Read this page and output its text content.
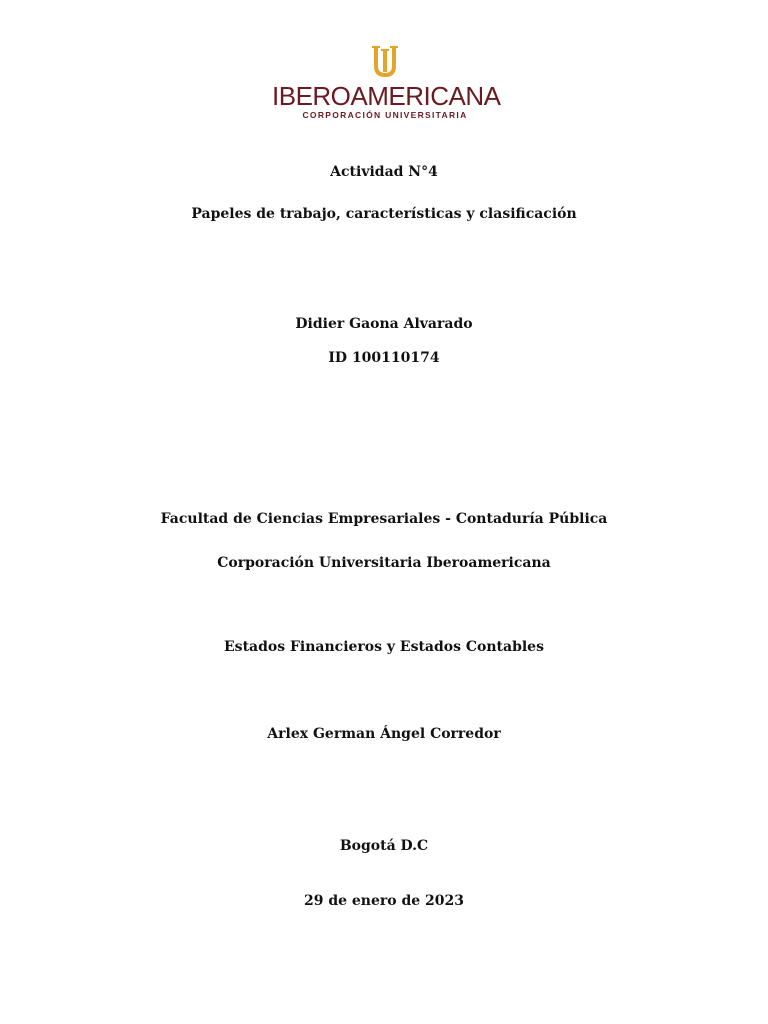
IBEROAMERICANA
CORPORACIÓN UNIVERSITARIA
Actividad N°4
Papeles de trabajo, características y clasificación
Didier Gaona Alvarado
ID 100110174
Facultad de Ciencias Empresariales - Contaduría Pública
Corporación Universitaria Iberoamericana
Estados Financieros y Estados Contables
Arlex German Ángel Corredor
Bogotá D.C
29 de enero de 2023
